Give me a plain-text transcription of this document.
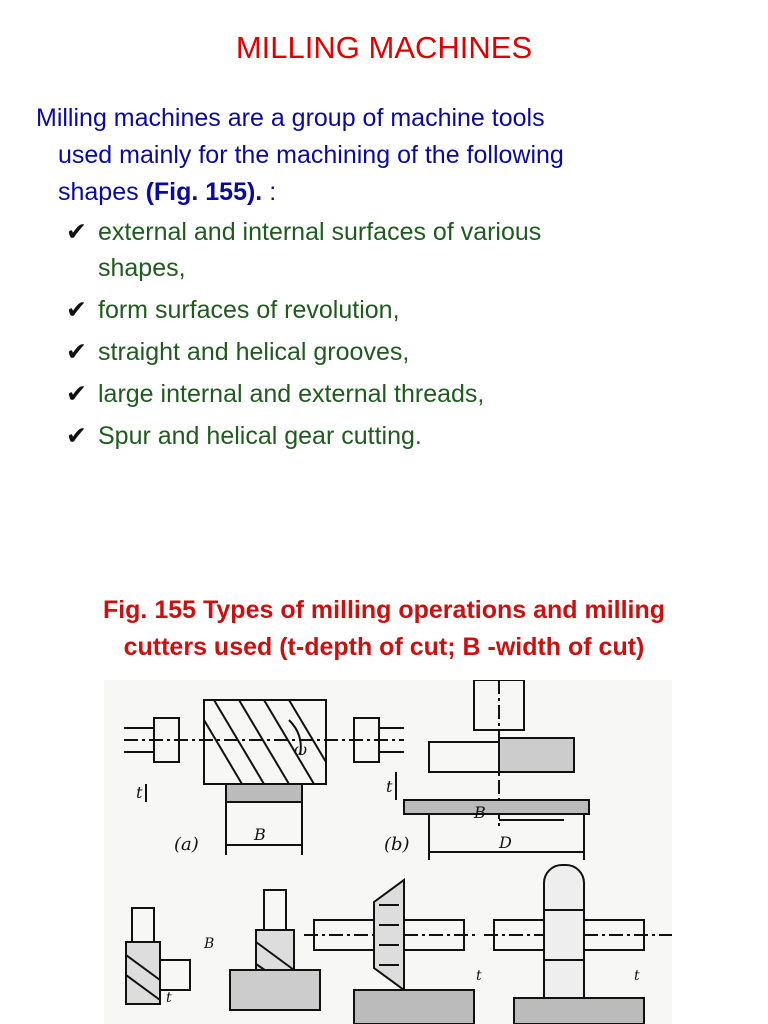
MILLING MACHINES
Milling machines are a group of machine tools
used mainly for the machining of the following
shapes (Fig. 155). :
✔ external and internal surfaces of various
shapes,
✔ form surfaces of revolution,
✔ straight and helical grooves,
✔ large internal and external threads,
✔ Spur and helical gear cutting.
Fig. 155 Types of milling operations and milling
cutters used (t-depth of cut; B -width of cut)
(a)	B
ω
t
(b)
B
D
t
t
B
t	t
